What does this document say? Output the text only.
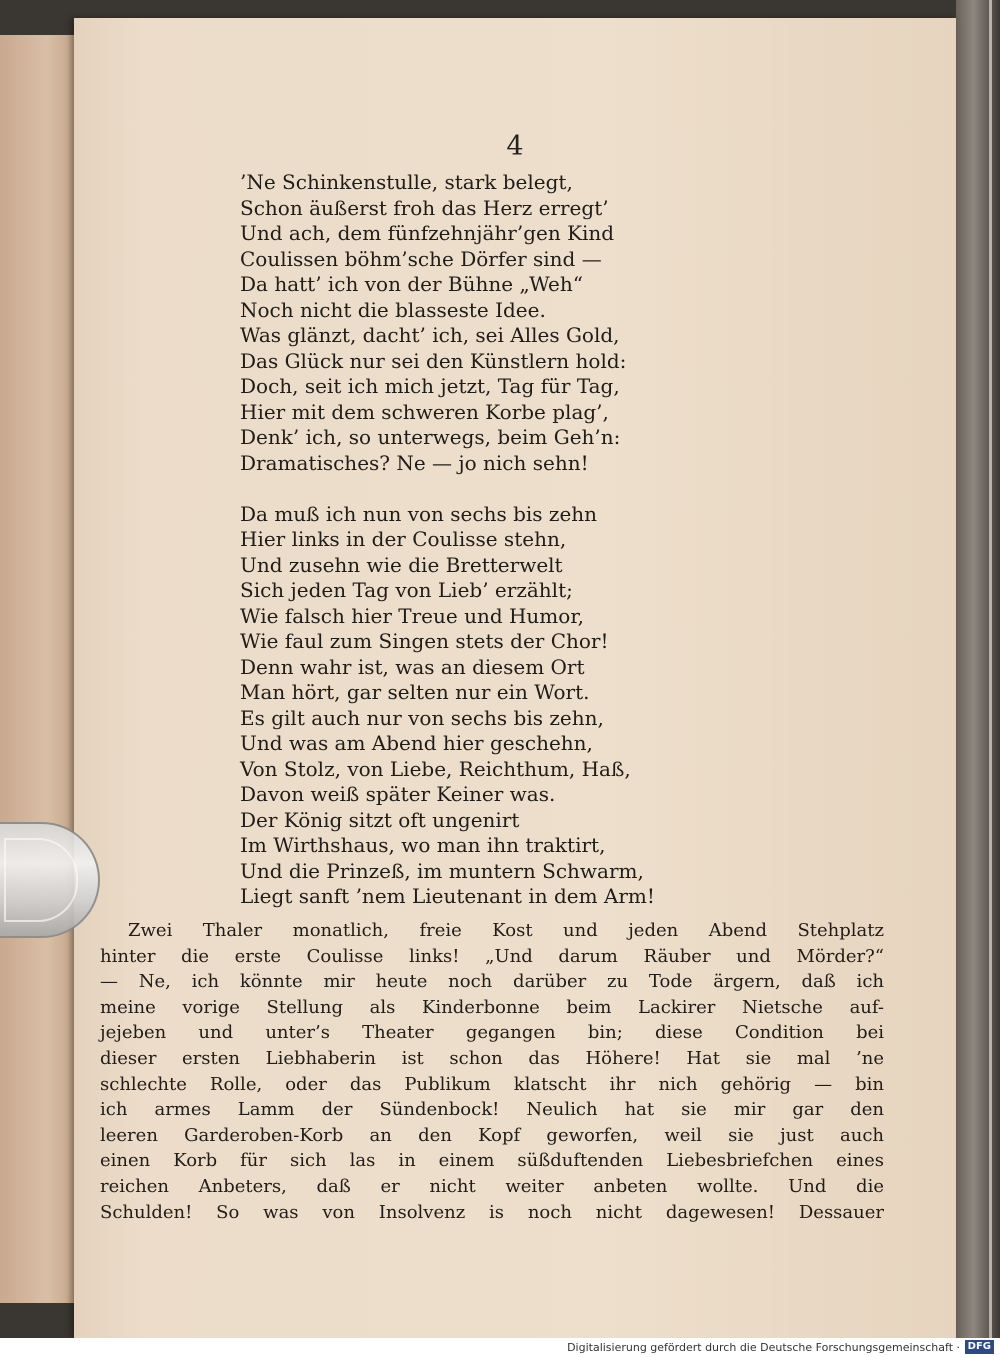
4
’Ne Schinkenstulle, stark belegt,
Schon äußerst froh das Herz erregt’
Und ach, dem fünfzehnjähr’gen Kind
Coulissen böhm’sche Dörfer sind —
Da hatt’ ich von der Bühne „Weh“
Noch nicht die blasseste Idee.
Was glänzt, dacht’ ich, sei Alles Gold,
Das Glück nur sei den Künstlern hold:
Doch, seit ich mich jetzt, Tag für Tag,
Hier mit dem schweren Korbe plag’,
Denk’ ich, so unterwegs, beim Geh’n:
Dramatisches? Ne — jo nich sehn!
Da muß ich nun von sechs bis zehn
Hier links in der Coulisse stehn,
Und zusehn wie die Bretterwelt
Sich jeden Tag von Lieb’ erzählt;
Wie falsch hier Treue und Humor,
Wie faul zum Singen stets der Chor!
Denn wahr ist, was an diesem Ort
Man hört, gar selten nur ein Wort.
Es gilt auch nur von sechs bis zehn,
Und was am Abend hier geschehn,
Von Stolz, von Liebe, Reichthum, Haß,
Davon weiß später Keiner was.
Der König sitzt oft ungenirt
Im Wirthshaus, wo man ihn traktirt,
Und die Prinzeß, im muntern Schwarm,
Liegt sanft ’nem Lieutenant in dem Arm!
Zwei Thaler monatlich, freie Kost und jeden Abend Stehplatz
hinter die erste Coulisse links! „Und darum Räuber und Mörder?“
— Ne, ich könnte mir heute noch darüber zu Tode ärgern, daß ich
meine vorige Stellung als Kinderbonne beim Lackirer Nietsche auf-
jejeben und unter’s Theater gegangen bin; diese Condition bei
dieser ersten Liebhaberin ist schon das Höhere! Hat sie mal ’ne
schlechte Rolle, oder das Publikum klatscht ihr nich gehörig — bin
ich armes Lamm der Sündenbock! Neulich hat sie mir gar den
leeren Garderoben-Korb an den Kopf geworfen, weil sie just auch
einen Korb für sich las in einem süßduftenden Liebesbriefchen eines
reichen Anbeters, daß er nicht weiter anbeten wollte. Und die
Schulden! So was von Insolvenz is noch nicht dagewesen! Dessauer
Digitalisierung gefördert durch die Deutsche Forschungsgemeinschaft · DFG
